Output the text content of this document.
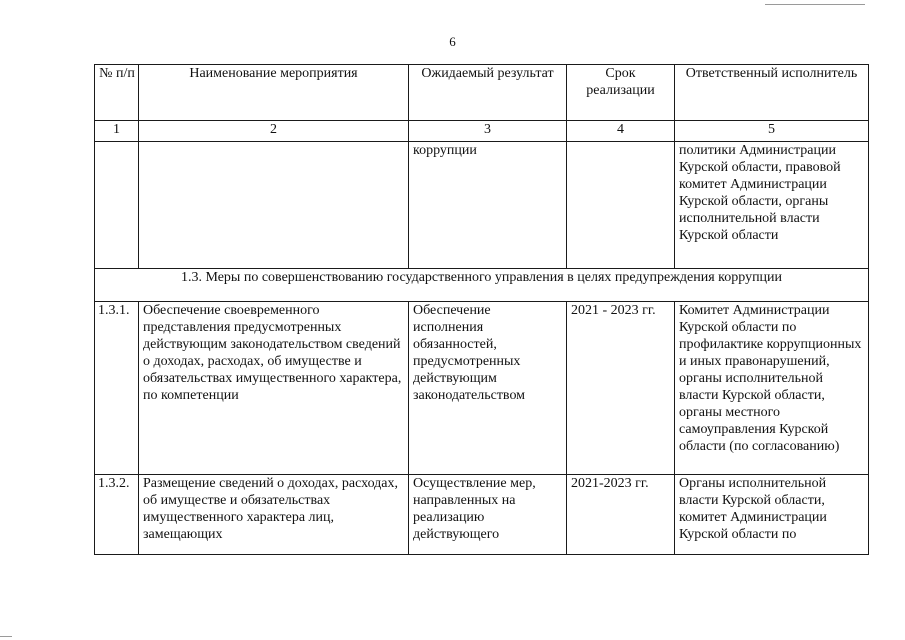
6
№ п/п	Наименование мероприятия	Ожидаемый результат	Срок реализации	Ответственный исполнитель
1	2	3	4	5
		коррупции		политики Администрации Курской области, правовой комитет Администрации Курской области, органы исполнительной власти Курской области
1.3. Меры по совершенствованию государственного управления в целях предупреждения коррупции				
1.3.1.	Обеспечение своевременного представления предусмотренных действующим законодательством сведений о доходах, расходах, об имуществе и обязательствах имущественного характера, по компетенции	Обеспечение исполнения обязанностей, предусмотренных действующим законодательством	2021 - 2023 гг.	Комитет Администрации Курской области по профилактике коррупционных и иных правонарушений, органы исполнительной власти Курской области, органы местного самоуправления Курской области (по согласованию)
1.3.2.	Размещение сведений о доходах, расходах, об имуществе и обязательствах имущественного характера лиц, замещающих	Осуществление мер, направленных на реализацию действующего	2021-2023 гг.	Органы исполнительной власти Курской области, комитет Администрации Курской области по
